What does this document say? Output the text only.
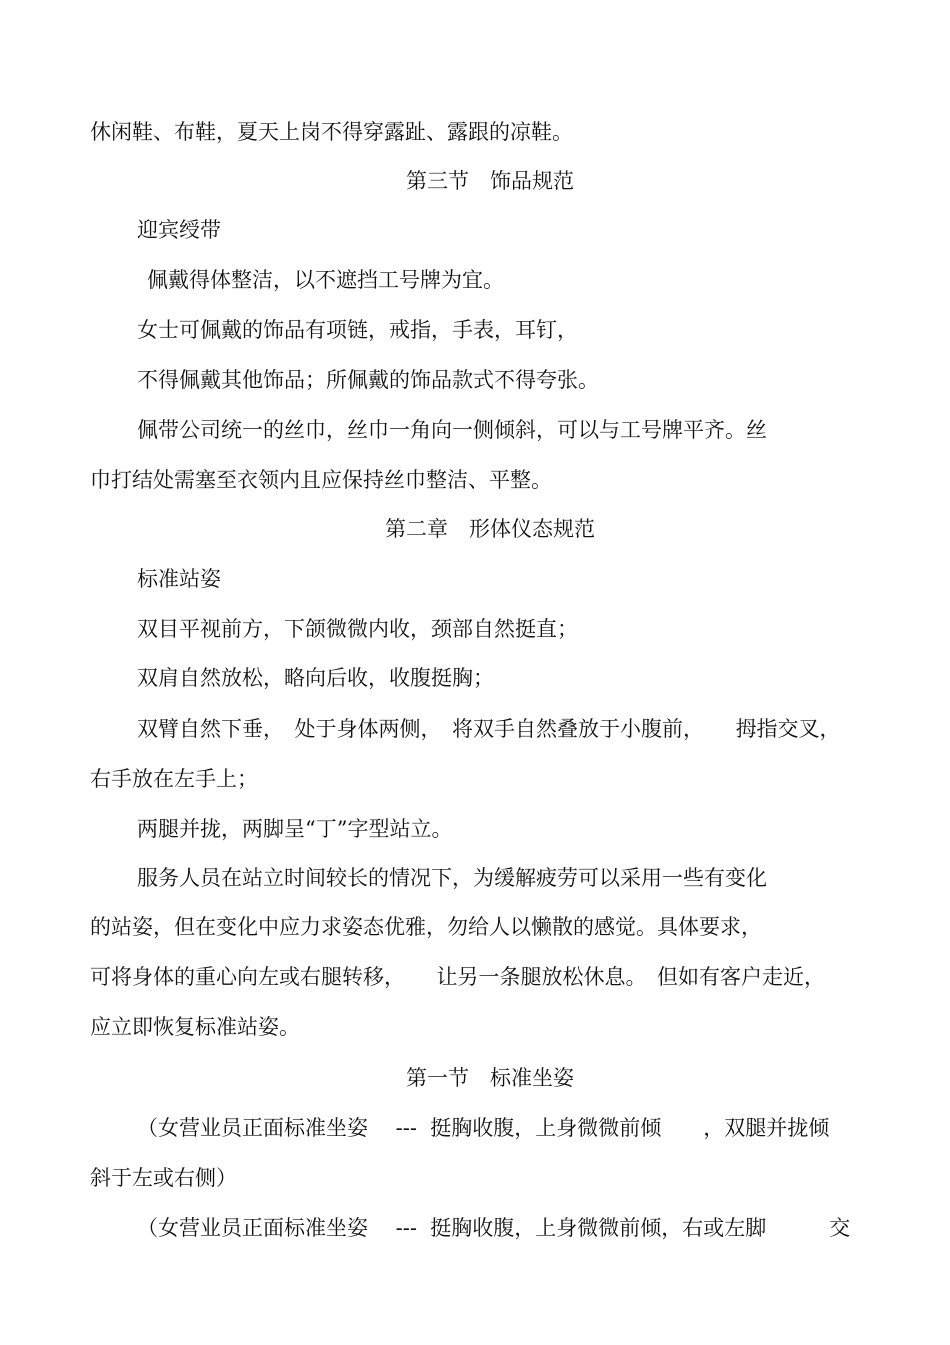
休闲鞋、布鞋，夏天上岗不得穿露趾、露跟的凉鞋。

第三节　饰品规范

迎宾绶带

佩戴得体整洁，以不遮挡工号牌为宜。

女士可佩戴的饰品有项链，戒指，手表，耳钉，

不得佩戴其他饰品；所佩戴的饰品款式不得夸张。

佩带公司统一的丝巾，丝巾一角向一侧倾斜，可以与工号牌平齐。丝

巾打结处需塞至衣领内且应保持丝巾整洁、平整。

第二章　形体仪态规范

标准站姿

双目平视前方，下颌微微内收，颈部自然挺直；

双肩自然放松，略向后收，收腹挺胸；

双臂自然下垂，　处于身体两侧，　将双手自然叠放于小腹前，　　拇指交叉，

右手放在左手上；

两腿并拢，两脚呈“丁”字型站立。

服务人员在站立时间较长的情况下，为缓解疲劳可以采用一些有变化

的站姿，但在变化中应力求姿态优雅，勿给人以懒散的感觉。具体要求，

可将身体的重心向左或右腿转移，　　让另一条腿放松休息。　但如有客户走近，

应立即恢复标准站姿。

第一节　标准坐姿

（女营业员正面标准坐姿　 ---  挺胸收腹，上身微微前倾　　，双腿并拢倾

斜于左或右侧）

（女营业员正面标准坐姿　 ---  挺胸收腹，上身微微前倾，右或左脚　　　交
